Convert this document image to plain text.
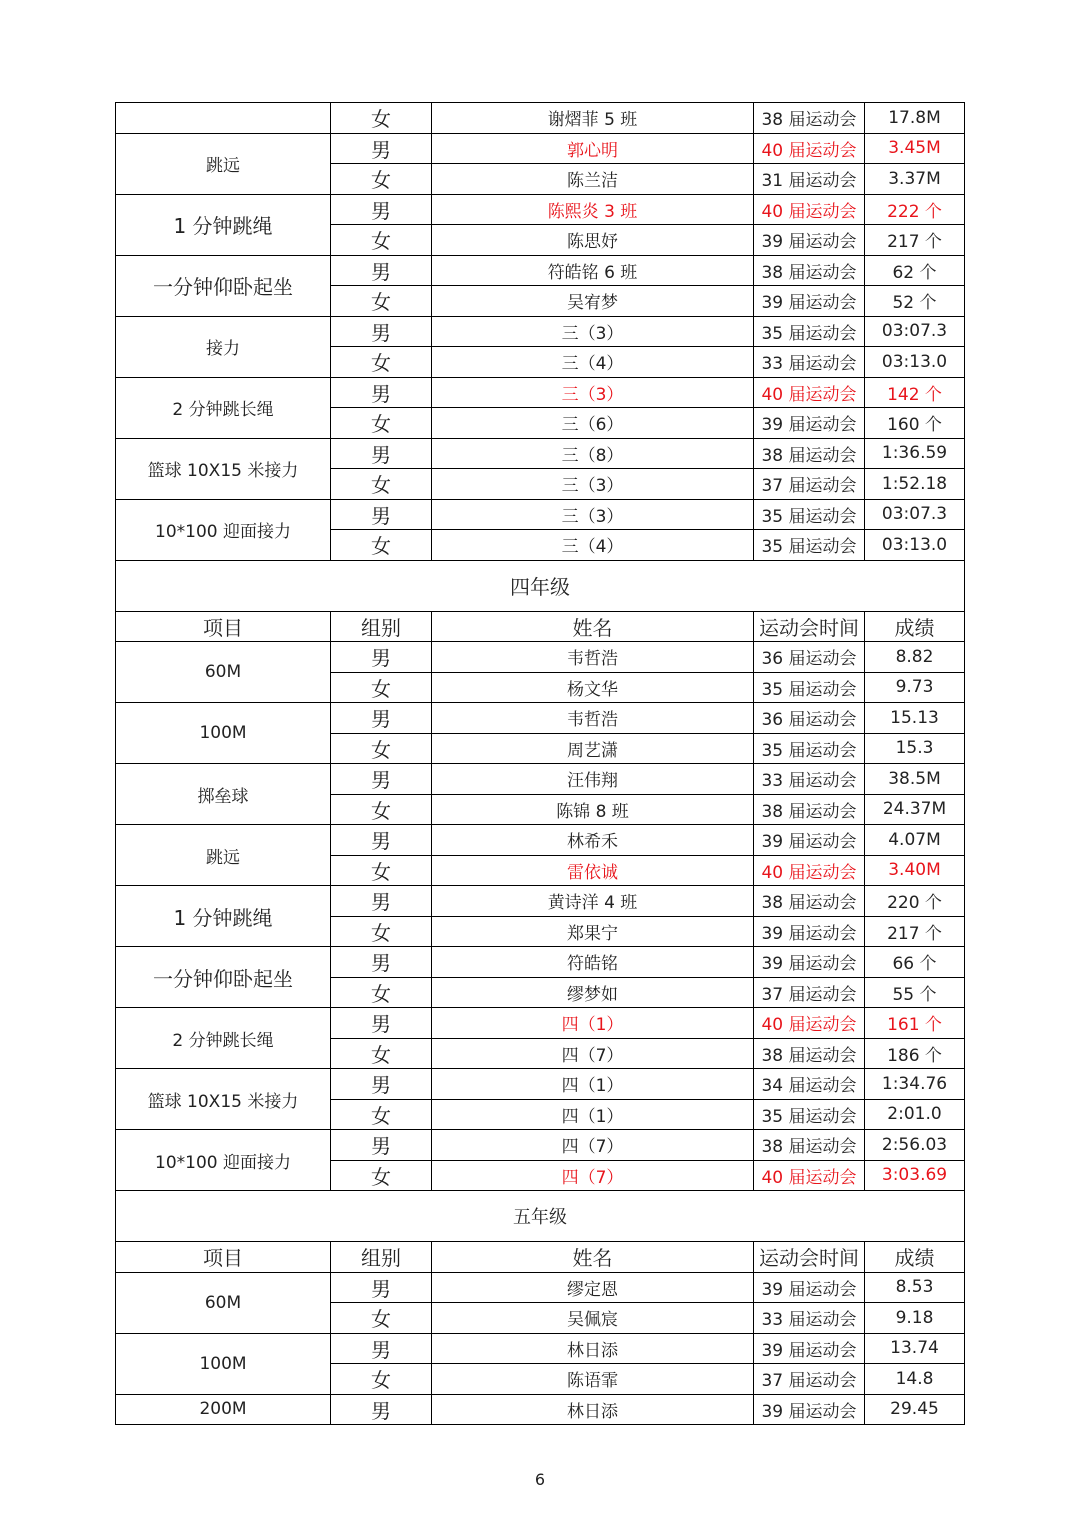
	女	谢熠菲 5 班	38 届运动会	17.8M
跳远	男	郭心明	40 届运动会	3.45M
	女	陈兰洁	31 届运动会	3.37M
1 分钟跳绳	男	陈熙炎 3 班	40 届运动会	222 个
	女	陈思妤	39 届运动会	217 个
一分钟仰卧起坐	男	符皓铭 6 班	38 届运动会	62 个
	女	吴宥梦	39 届运动会	52 个
接力	男	三（3）	35 届运动会	03:07.3
	女	三（4）	33 届运动会	03:13.0
2 分钟跳长绳	男	三（3）	40 届运动会	142 个
	女	三（6）	39 届运动会	160 个
篮球 10X15 米接力	男	三（8）	38 届运动会	1:36.59
	女	三（3）	37 届运动会	1:52.18
10*100 迎面接力	男	三（3）	35 届运动会	03:07.3
	女	三（4）	35 届运动会	03:13.0
四年级				
项目	组别	姓名	运动会时间	成绩
60M	男	韦哲浩	36 届运动会	8.82
	女	杨文华	35 届运动会	9.73
100M	男	韦哲浩	36 届运动会	15.13
	女	周艺潇	35 届运动会	15.3
掷垒球	男	汪伟翔	33 届运动会	38.5M
	女	陈锦 8 班	38 届运动会	24.37M
跳远	男	林希禾	39 届运动会	4.07M
	女	雷依诚	40 届运动会	3.40M
1 分钟跳绳	男	黄诗洋 4 班	38 届运动会	220 个
	女	郑果宁	39 届运动会	217 个
一分钟仰卧起坐	男	符皓铭	39 届运动会	66 个
	女	缪梦如	37 届运动会	55 个
2 分钟跳长绳	男	四（1）	40 届运动会	161 个
	女	四（7）	38 届运动会	186 个
篮球 10X15 米接力	男	四（1）	34 届运动会	1:34.76
	女	四（1）	35 届运动会	2:01.0
10*100 迎面接力	男	四（7）	38 届运动会	2:56.03
	女	四（7）	40 届运动会	3:03.69
五年级				
项目	组别	姓名	运动会时间	成绩
60M	男	缪定恩	39 届运动会	8.53
	女	吴佩宸	33 届运动会	9.18
100M	男	林日添	39 届运动会	13.74
	女	陈语霏	37 届运动会	14.8
200M	男	林日添	39 届运动会	29.45
6
